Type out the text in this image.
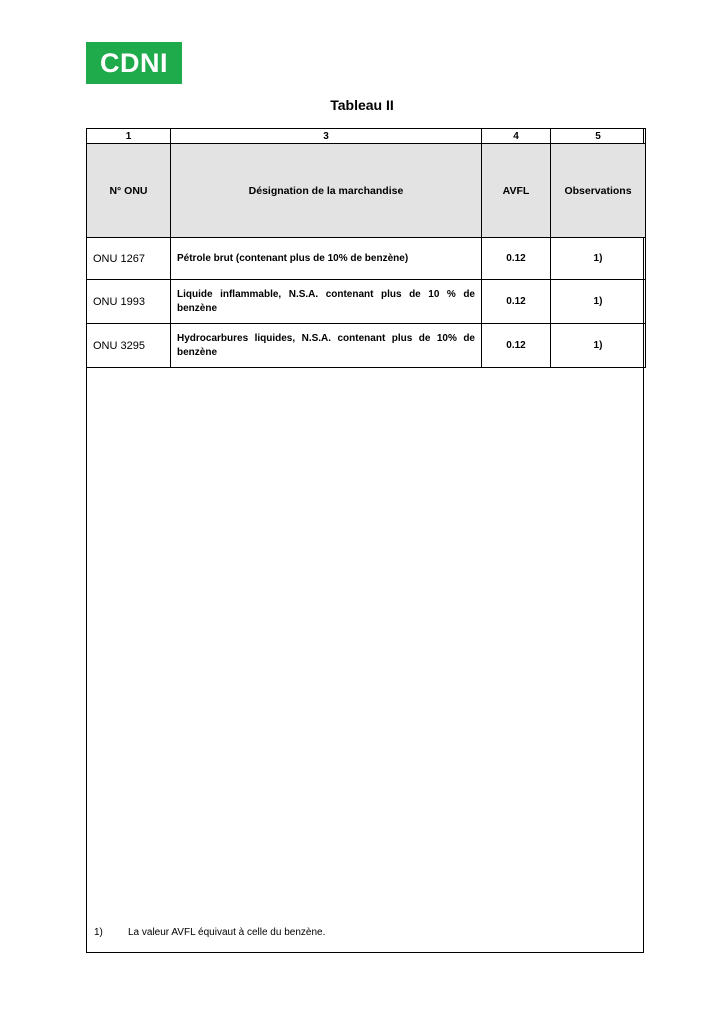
CDNI
Tableau II
1	3	4	5
N° ONU	Désignation de la marchandise	AVFL	Observations
ONU 1267	Pétrole brut (contenant plus de 10% de benzène)	0.12	1)
ONU 1993	Liquide inflammable, N.S.A. contenant plus de 10 % de benzène	0.12	1)
ONU 3295	Hydrocarbures liquides, N.S.A. contenant plus de 10% de benzène	0.12	1)
1)	La valeur AVFL équivaut à celle du benzène.
